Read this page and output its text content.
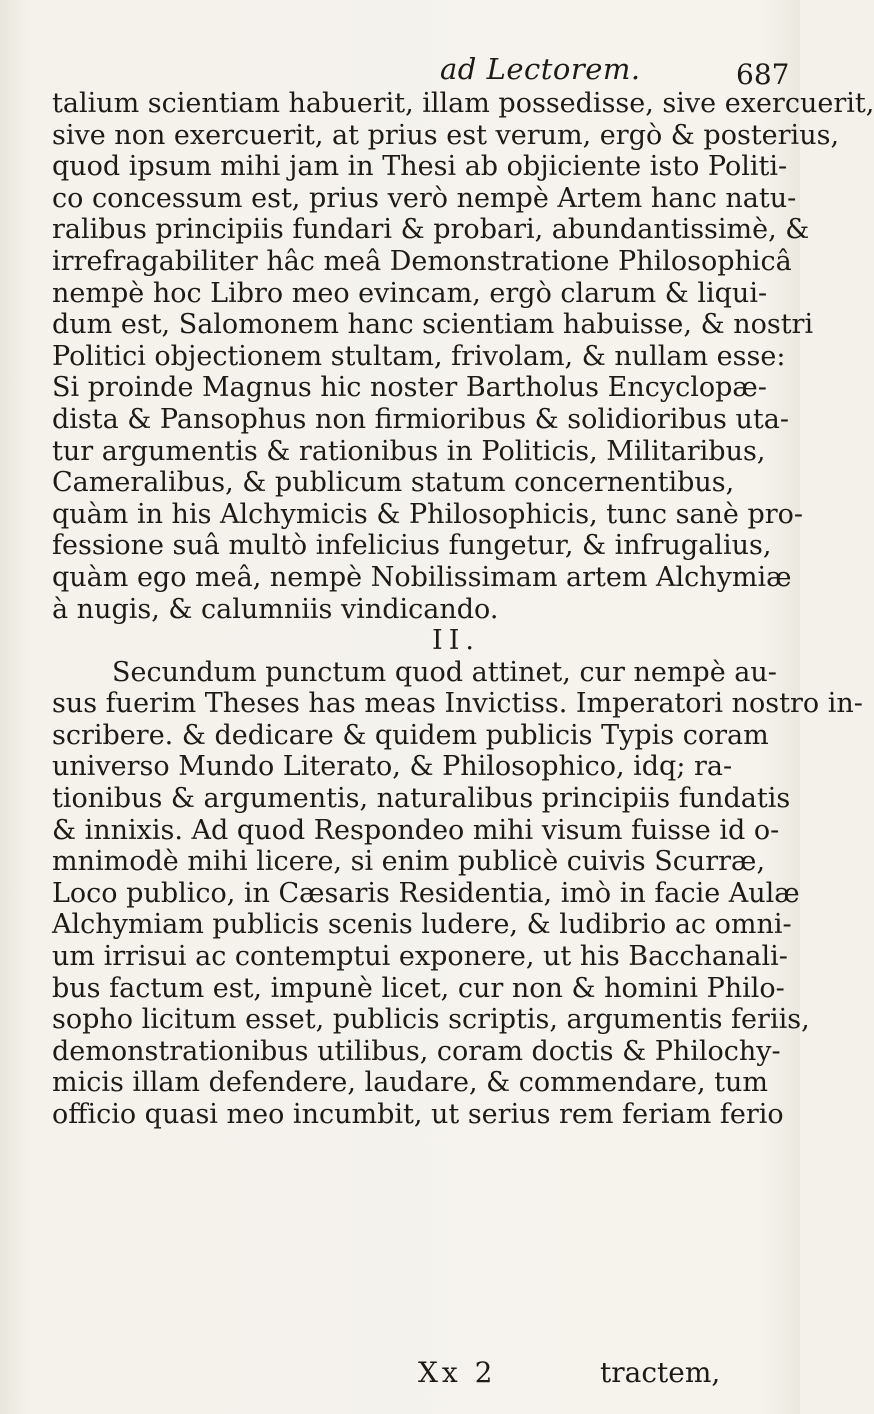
ad Lectorem.	687
talium scientiam habuerit, illam possedisse, sive exercuerit,
sive non exercuerit, at prius est verum, ergò & posterius,
quod ipsum mihi jam in Thesi ab objiciente isto Politi-
co concessum est, prius verò nempè Artem hanc natu-
ralibus principiis fundari & probari, abundantissimè, &
irrefragabiliter hâc meâ Demonstratione Philosophicâ
nempè hoc Libro meo evincam, ergò clarum & liqui-
dum est, Salomonem hanc scientiam habuisse, & nostri
Politici objectionem stultam, frivolam, & nullam esse:
Si proinde Magnus hic noster Bartholus Encyclopæ-
dista & Pansophus non firmioribus & solidioribus uta-
tur argumentis & rationibus in Politicis, Militaribus,
Cameralibus, & publicum statum concernentibus,
quàm in his Alchymicis & Philosophicis, tunc sanè pro-
fessione suâ multò infelicius fungetur, & infrugalius,
quàm ego meâ, nempè Nobilissimam artem Alchymiæ
à nugis, & calumniis vindicando.
II.
Secundum punctum quod attinet, cur nempè au-
sus fuerim Theses has meas Invictiss. Imperatori nostro in-
scribere. & dedicare & quidem publicis Typis coram
universo Mundo Literato, & Philosophico, idq; ra-
tionibus & argumentis, naturalibus principiis fundatis
& innixis. Ad quod Respondeo mihi visum fuisse id o-
mnimodè mihi licere, si enim publicè cuivis Scurræ,
Loco publico, in Cæsaris Residentia, imò in facie Aulæ
Alchymiam publicis scenis ludere, & ludibrio ac omni-
um irrisui ac contemptui exponere, ut his Bacchanali-
bus factum est, impunè licet, cur non & homini Philo-
sopho licitum esset, publicis scriptis, argumentis feriis,
demonstrationibus utilibus, coram doctis & Philochy-
micis illam defendere, laudare, & commendare, tum
officio quasi meo incumbit, ut serius rem feriam ferio
Xx 2	tractem,
